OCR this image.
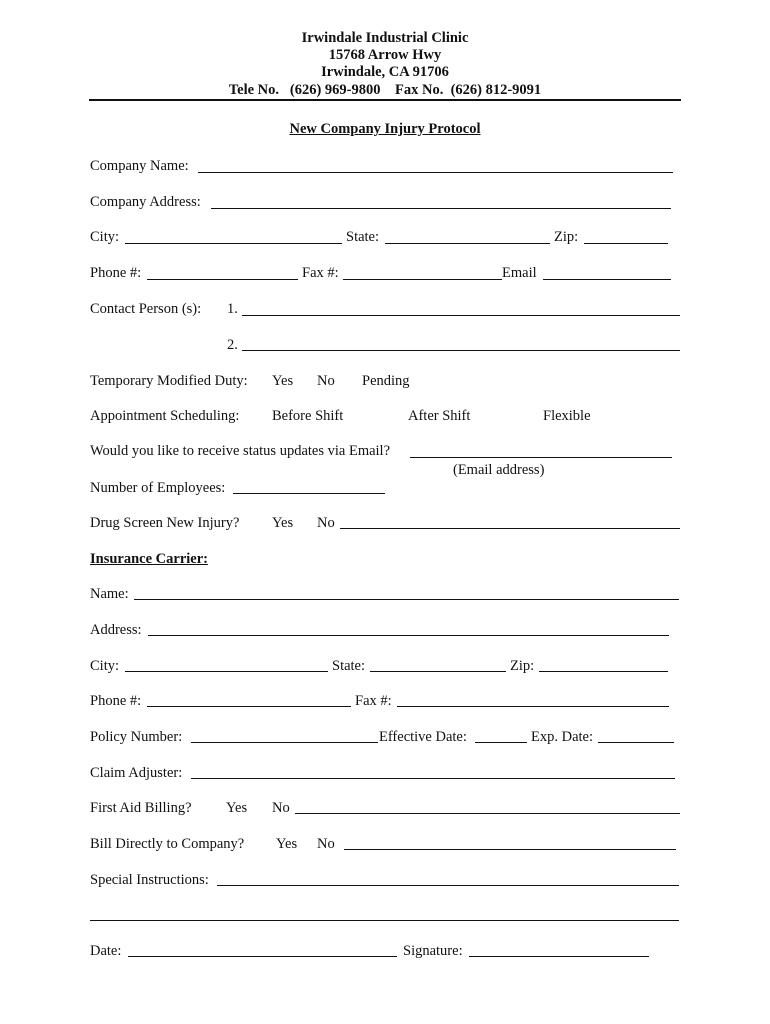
Irwindale Industrial Clinic
15768 Arrow Hwy
Irwindale, CA 91706
Tele No.   (626) 969-9800    Fax No.  (626) 812-9091
New Company Injury Protocol
Company Name:
Company Address:
City:	State:	Zip:
Phone #:	Fax #:	Email
Contact Person (s): 1.
2.
Temporary Modified Duty: Yes No Pending
Appointment Scheduling: Before Shift	After Shift	Flexible
Would you like to receive status updates via Email?
(Email address)
Number of Employees:
Drug Screen New Injury? Yes No
Insurance Carrier:
Name:
Address:
City:	State:	Zip:
Phone #:	Fax #:
Policy Number:	Effective Date:	Exp. Date:
Claim Adjuster:
First Aid Billing? Yes No
Bill Directly to Company? Yes No
Special Instructions:
Date:	Signature:
